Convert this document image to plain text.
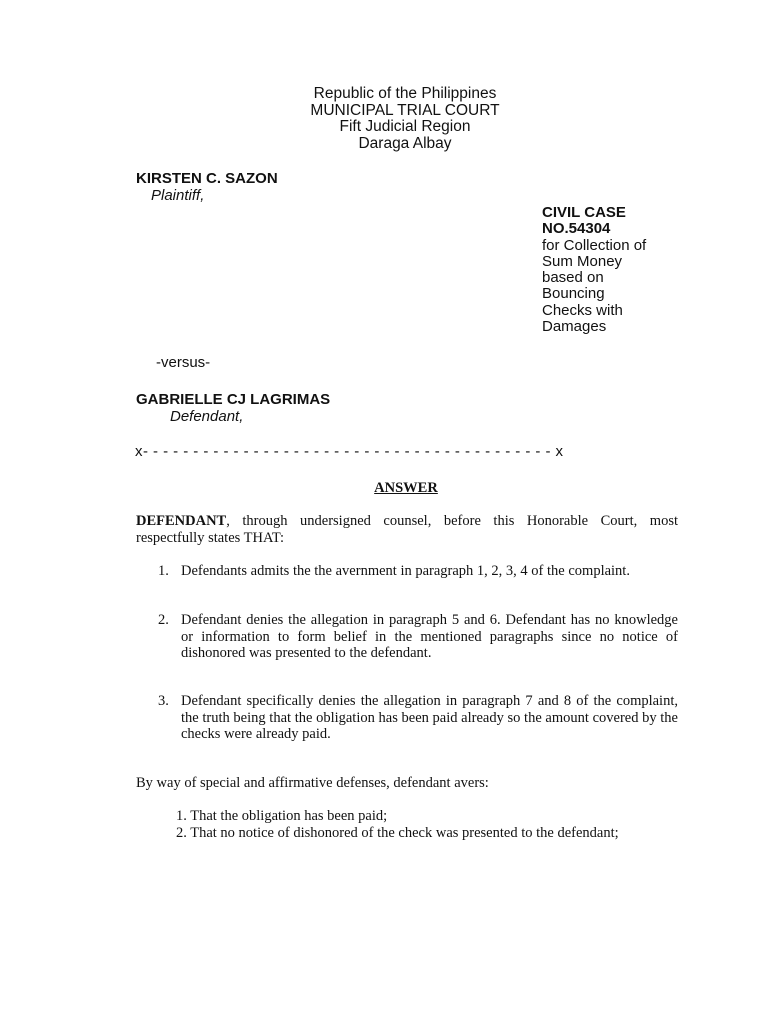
Republic of the Philippines
MUNICIPAL TRIAL COURT
Fift Judicial Region
Daraga Albay
KIRSTEN C. SAZON
Plaintiff,
CIVIL CASE
NO.54304
for Collection of
Sum Money
based on
Bouncing
Checks with
Damages
-versus-
GABRIELLE CJ LAGRIMAS
Defendant,
x- - - - - - - - - - - - - - - - - - - - - - - - - - - - - - - - - - - - - - - - - x
ANSWER
DEFENDANT, through undersigned counsel, before this Honorable Court, most respectfully states THAT:
1. Defendants admits the the avernment in paragraph 1, 2, 3, 4 of the complaint.
2. Defendant denies the allegation in paragraph 5 and 6. Defendant has no knowledge or information to form belief in the mentioned paragraphs since no notice of dishonored was presented to the defendant.
3. Defendant specifically denies the allegation in paragraph 7 and 8 of the complaint, the truth being that the obligation has been paid already so the amount covered by the checks were already paid.
By way of special and affirmative defenses, defendant avers:
1. That the obligation has been paid;
2. That no notice of dishonored of the check was presented to the defendant;
